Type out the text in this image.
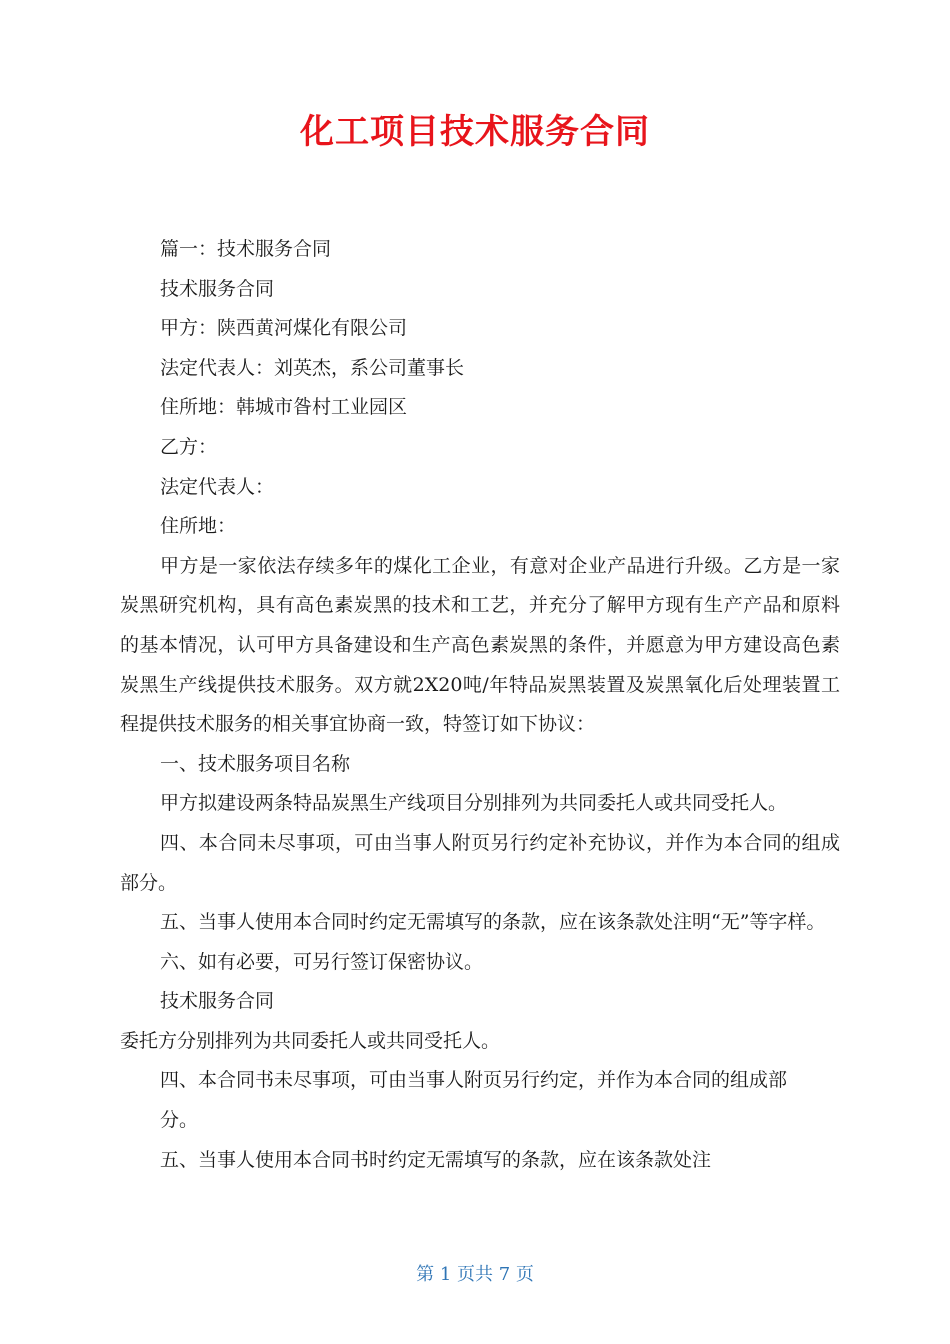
化工项目技术服务合同

篇一：技术服务合同

技术服务合同

甲方：陕西黄河煤化有限公司

法定代表人：刘英杰，系公司董事长

住所地：韩城市昝村工业园区

乙方：

法定代表人：

住所地：

甲方是一家依法存续多年的煤化工企业，有意对企业产品进行升级。乙方是一家炭黑研究机构，具有高色素炭黑的技术和工艺，并充分了解甲方现有生产产品和原料的基本情况，认可甲方具备建设和生产高色素炭黑的条件，并愿意为甲方建设高色素炭黑生产线提供技术服务。双方就2X20吨/年特品炭黑装置及炭黑氧化后处理装置工程提供技术服务的相关事宜协商一致，特签订如下协议：

一、技术服务项目名称

甲方拟建设两条特品炭黑生产线项目分别排列为共同委托人或共同受托人。

四、本合同未尽事项，可由当事人附页另行约定补充协议，并作为本合同的组成部分。

五、当事人使用本合同时约定无需填写的条款，应在该条款处注明“无”等字样。

六、如有必要，可另行签订保密协议。

技术服务合同

委托方分别排列为共同委托人或共同受托人。

四、本合同书未尽事项，可由当事人附页另行约定，并作为本合同的组成部

分。

五、当事人使用本合同书时约定无需填写的条款，应在该条款处注

第 1 页共 7 页
